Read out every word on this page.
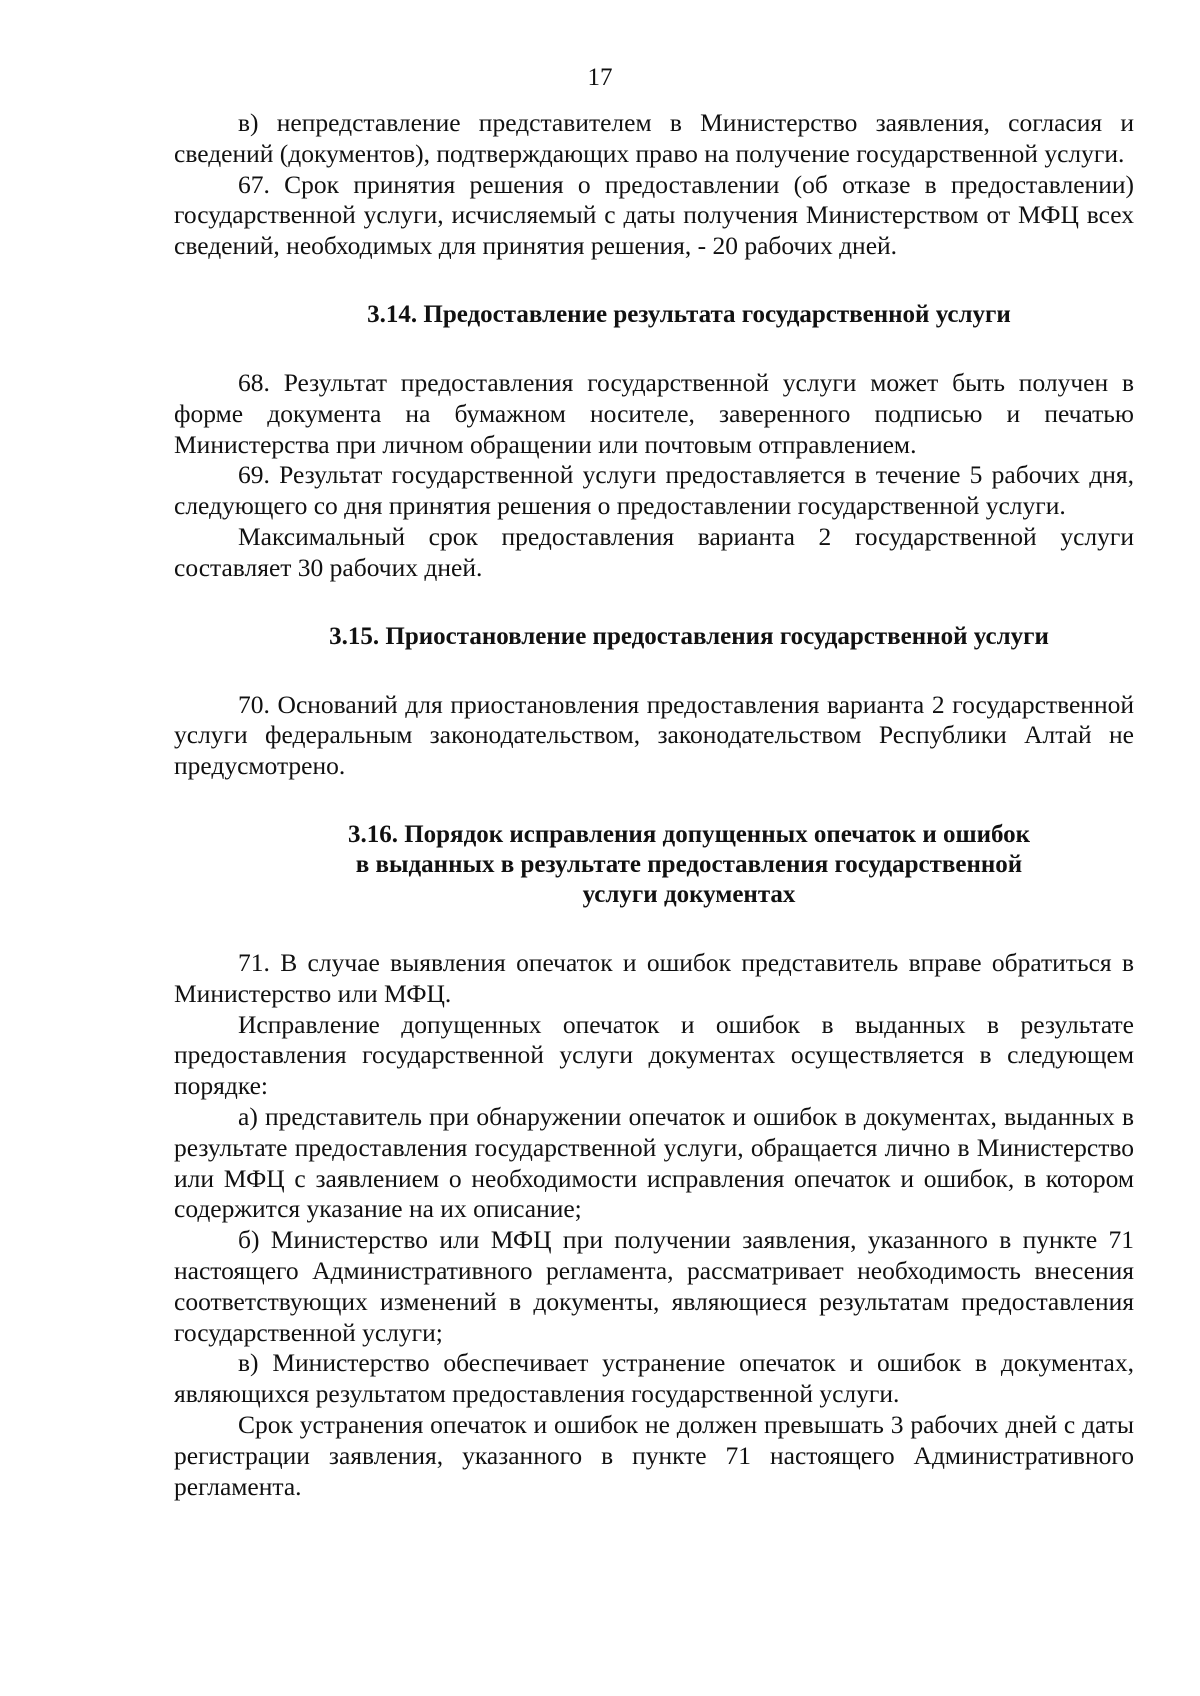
17

в) непредставление представителем в Министерство заявления, согласия и сведений (документов), подтверждающих право на получение государственной услуги.

67. Срок принятия решения о предоставлении (об отказе в предоставлении) государственной услуги, исчисляемый с даты получения Министерством от МФЦ всех сведений, необходимых для принятия решения, - 20 рабочих дней.

3.14. Предоставление результата государственной услуги

68. Результат предоставления государственной услуги может быть получен в форме документа на бумажном носителе, заверенного подписью и печатью Министерства при личном обращении или почтовым отправлением.

69. Результат государственной услуги предоставляется в течение 5 рабочих дня, следующего со дня принятия решения о предоставлении государственной услуги.

Максимальный срок предоставления варианта 2 государственной услуги составляет 30 рабочих дней.

3.15. Приостановление предоставления государственной услуги

70. Оснований для приостановления предоставления варианта 2 государственной услуги федеральным законодательством, законодательством Республики Алтай не предусмотрено.

3.16. Порядок исправления допущенных опечаток и ошибок
в выданных в результате предоставления государственной
услуги документах

71. В случае выявления опечаток и ошибок представитель вправе обратиться в Министерство или МФЦ.

Исправление допущенных опечаток и ошибок в выданных в результате предоставления государственной услуги документах осуществляется в следующем порядке:

а) представитель при обнаружении опечаток и ошибок в документах, выданных в результате предоставления государственной услуги, обращается лично в Министерство или МФЦ с заявлением о необходимости исправления опечаток и ошибок, в котором содержится указание на их описание;

б) Министерство или МФЦ при получении заявления, указанного в пункте 71 настоящего Административного регламента, рассматривает необходимость внесения соответствующих изменений в документы, являющиеся результатам предоставления государственной услуги;

в) Министерство обеспечивает устранение опечаток и ошибок в документах, являющихся результатом предоставления государственной услуги.

Срок устранения опечаток и ошибок не должен превышать 3 рабочих дней с даты регистрации заявления, указанного в пункте 71 настоящего Административного регламента.
